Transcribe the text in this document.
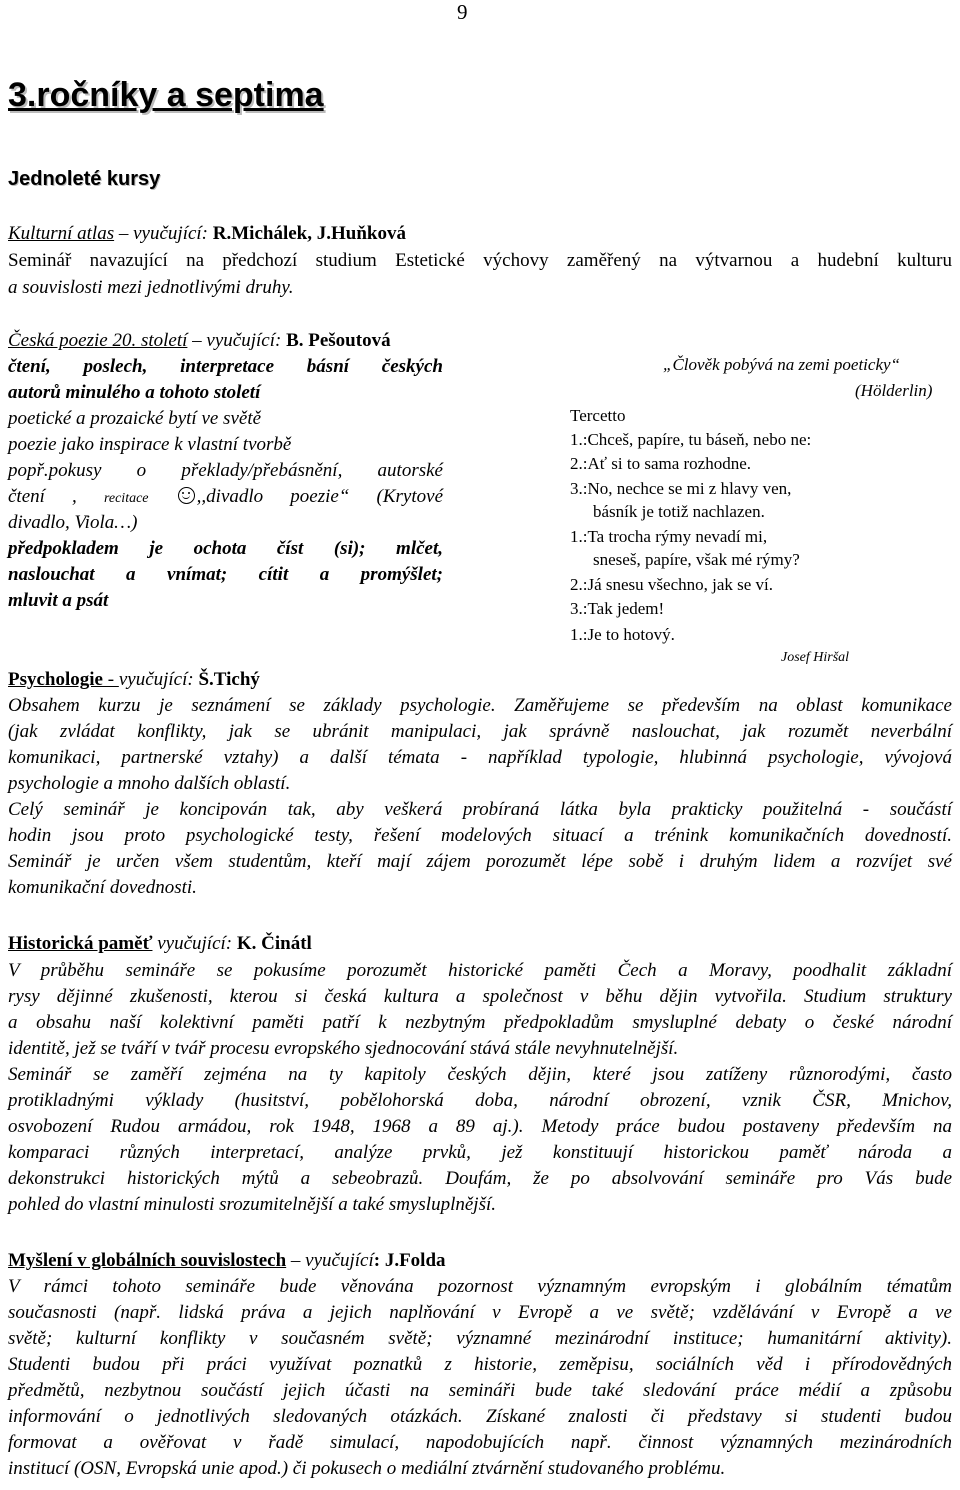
9
3.ročníky a septima
Jednoleté kursy
Kulturní atlas – vyučující: R.Michálek, J.Huňková
Seminář navazující na předchozí studium Estetické výchovy zaměřený na výtvarnou a hudební kulturu
a souvislosti mezi jednotlivými druhy.
Česká poezie 20. století – vyučující: B. Pešoutová
čtení, poslech, interpretace básní českých
autorů minulého a tohoto století
poetické a prozaické bytí ve světě
poezie jako inspirace k vlastní tvorbě
popř.pokusy o překlady/přebásnění, autorské
čtení , recitace	,,divadlo poezie“ (Krytové
divadlo, Viola…)
předpokladem je ochota číst (si); mlčet,
naslouchat a vnímat; cítit a promýšlet;
mluvit a psát
„Člověk pobývá na zemi poeticky“
(Hölderlin)
Tercetto
1.:Chceš, papíre, tu báseň, nebo ne:
2.:Ať si to sama rozhodne.
3.:No, nechce se mi z hlavy ven,
básník je totiž nachlazen.
1.:Ta trocha rýmy nevadí mi,
sneseš, papíre, však mé rýmy?
2.:Já snesu všechno, jak se ví.
3.:Tak jedem!
1.:Je to hotový.
Josef Hiršal
Psychologie - vyučující: Š.Tichý
Obsahem kurzu je seznámení se základy psychologie. Zaměřujeme se především na oblast komunikace
(jak zvládat konflikty, jak se ubránit manipulaci, jak správně naslouchat, jak rozumět neverbální
komunikaci, partnerské vztahy) a další témata - například typologie, hlubinná psychologie, vývojová
psychologie a mnoho dalších oblastí.
Celý seminář je koncipován tak, aby veškerá probíraná látka byla prakticky použitelná - součástí
hodin jsou proto psychologické testy, řešení modelových situací a trénink komunikačních dovedností.
Seminář je určen všem studentům, kteří mají zájem porozumět lépe sobě i druhým lidem a rozvíjet své
komunikační dovednosti.
Historická paměť vyučující: K. Činátl
V průběhu semináře se pokusíme porozumět historické paměti Čech a Moravy, poodhalit základní
rysy dějinné zkušenosti, kterou si česká kultura a společnost v běhu dějin vytvořila. Studium struktury
a obsahu naší kolektivní paměti patří k nezbytným předpokladům smysluplné debaty o české národní
identitě, jež se tváří v tvář procesu evropského sjednocování stává stále nevyhnutelnější.
Seminář se zaměří zejména na ty kapitoly českých dějin, které jsou zatíženy různorodými, často
protikladnými výklady (husitství, pobělohorská doba, národní obrození, vznik ČSR, Mnichov,
osvobození Rudou armádou, rok 1948, 1968 a 89 aj.). Metody práce budou postaveny především na
komparaci různých interpretací, analýze prvků, jež konstituují historickou paměť národa a
dekonstrukci historických mýtů a sebeobrazů. Doufám, že po absolvování semináře pro Vás bude
pohled do vlastní minulosti srozumitelnější a také smysluplnější.
Myšlení v globálních souvislostech – vyučující: J.Folda
V rámci tohoto semináře bude věnována pozornost významným evropským i globálním tématům
současnosti (např. lidská práva a jejich naplňování v Evropě a ve světě; vzdělávání v Evropě a ve
světě; kulturní konflikty v současném světě; významné mezinárodní instituce; humanitární aktivity).
Studenti budou při práci využívat poznatků z historie, zeměpisu, sociálních věd i přírodovědných
předmětů, nezbytnou součástí jejich účasti na semináři bude také sledování práce médií a způsobu
informování o jednotlivých sledovaných otázkách. Získané znalosti či představy si studenti budou
formovat a ověřovat v řadě simulací, napodobujících např. činnost významných mezinárodních
institucí (OSN, Evropská unie apod.) či pokusech o mediální ztvárnění studovaného problému.
